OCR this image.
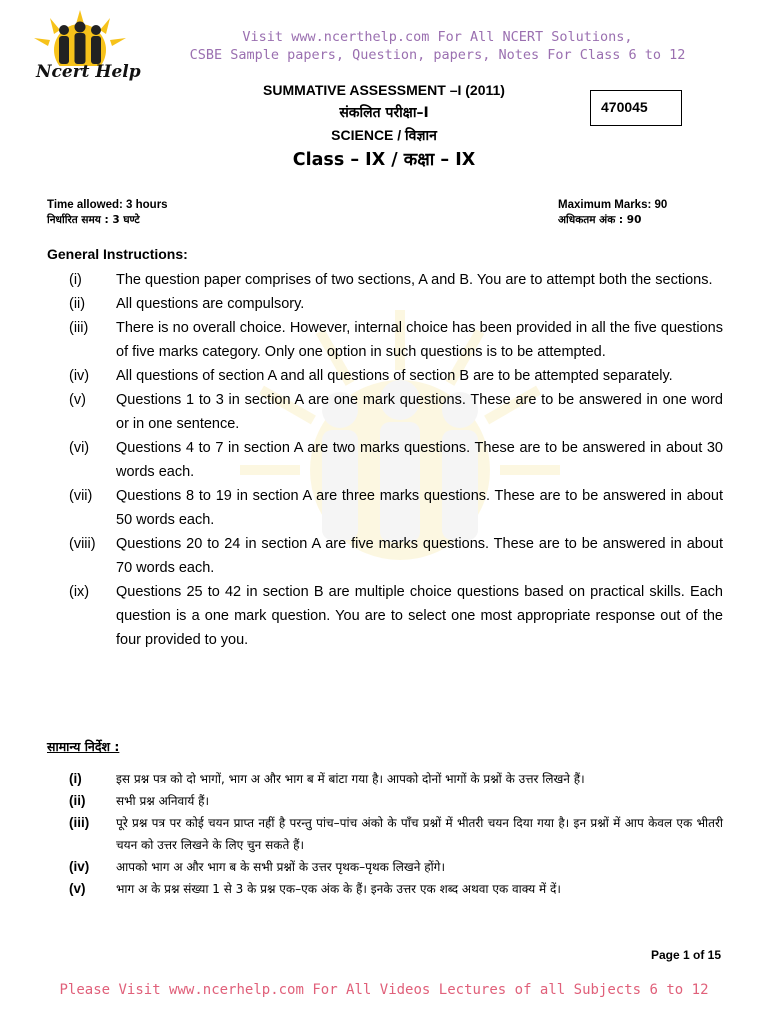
Ncert Help
Visit www.ncerthelp.com For All NCERT Solutions,
CSBE Sample papers, Question, papers, Notes For Class 6 to 12
SUMMATIVE ASSESSMENT –I (2011)
संकलित परीक्षा–I
SCIENCE / विज्ञान
Class – IX / कक्षा – IX
470045
Time allowed: 3 hours
निर्धारित समय : 3 घण्टे
Maximum Marks: 90
अधिकतम अंक : 90
General Instructions:
(i)	The question paper comprises of two sections, A and B. You are to attempt both the sections.
(ii)	All questions are compulsory.
(iii)	There is no overall choice. However, internal choice has been provided in all the five questions of five marks category. Only one option in such questions is to be attempted.
(iv)	All questions of section A and all questions of section B are to be attempted separately.
(v)	Questions 1 to 3 in section A are one mark questions. These are to be answered in one word or in one sentence.
(vi)	Questions 4 to 7 in section A are two marks questions. These are to be answered in about 30 words each.
(vii)	Questions 8 to 19 in section A are three marks questions. These are to be answered in about 50 words each.
(viii)	Questions 20 to 24 in section A are five marks questions. These are to be answered in about 70 words each.
(ix)	Questions 25 to 42 in section B are multiple choice questions based on practical skills. Each question is a one mark question. You are to select one most appropriate response out of the four provided to you.
सामान्य निर्देश :
(i)	इस प्रश्न पत्र को दो भागों, भाग अ और भाग ब में बांटा गया है। आपको दोनों भागों के प्रश्नों के उत्तर लिखने हैं।
(ii)	सभी प्रश्न अनिवार्य हैं।
(iii)	पूरे प्रश्न पत्र पर कोई चयन प्राप्त नहीं है परन्तु पांच–पांच अंको के पाँच प्रश्नों में भीतरी चयन दिया गया है। इन प्रश्नों में आप केवल एक भीतरी चयन को उत्तर लिखने के लिए चुन सकते हैं।
(iv)	आपको भाग अ और भाग ब के सभी प्रश्नों के उत्तर पृथक–पृथक लिखने होंगे।
(v)	भाग अ के प्रश्न संख्या 1 से 3 के प्रश्न एक–एक अंक के हैं। इनके उत्तर एक शब्द अथवा एक वाक्य में दें।
Page 1 of 15
Please Visit www.ncerhelp.com For All Videos Lectures of all Subjects 6 to 12
